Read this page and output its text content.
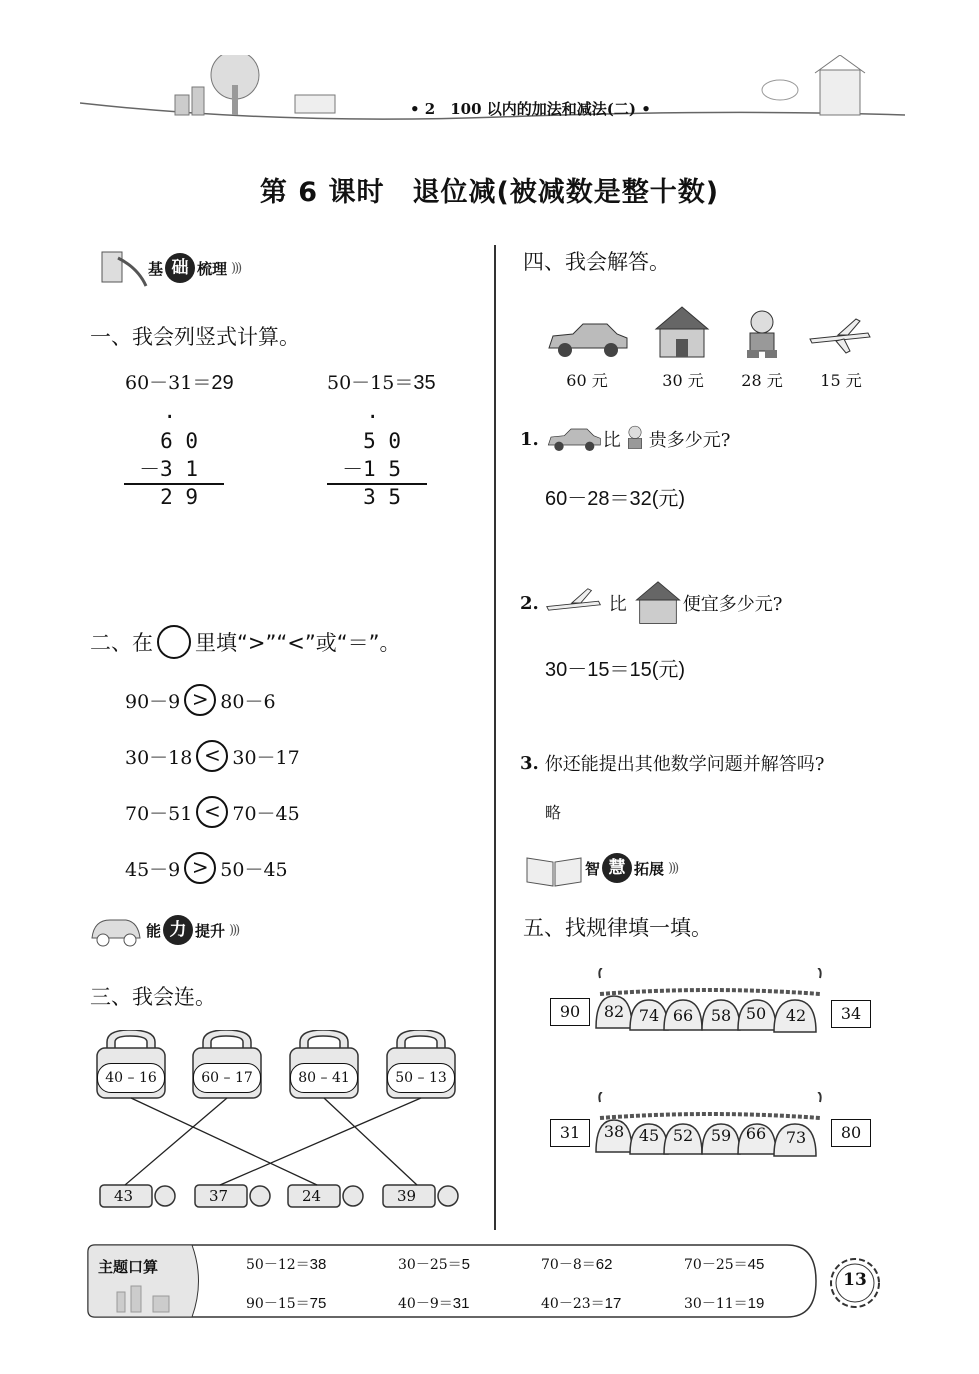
• 2　100 以内的加法和减法(二) •
第 6 课时　退位减(被减数是整十数)
基 础 梳理 )))
一、我会列竖式计算。
60－31＝29
·
6 0
－3 1
2 9
50－15＝35
·
5 0
－1 5
3 5
二、在 里填“>”“<”或“＝”。
90－9 > 80－6
30－18 < 30－17
70－51 < 70－45
45－9 > 50－45
能 力 提升 )))
三、我会连。
40 – 16	60 – 17	80 – 41	50 – 13
43	37	24	39
四、我会解答。
60 元	30 元	28 元	15 元
1.	比 贵多少元?
60－28＝32(元)
2.	比	便宜多少元?
30－15＝15(元)
3. 你还能提出其他数学问题并解答吗?
略
智 慧 拓展 )))
五、找规律填一填。
90	82 74 66	58 50	42	34
31	38 45 52	59 66	73	80
主题口算	50－12＝38	30－25＝5	70－8＝62	70－25＝45
90－15＝75	40－9＝31	40－23＝17	30－11＝19
13
